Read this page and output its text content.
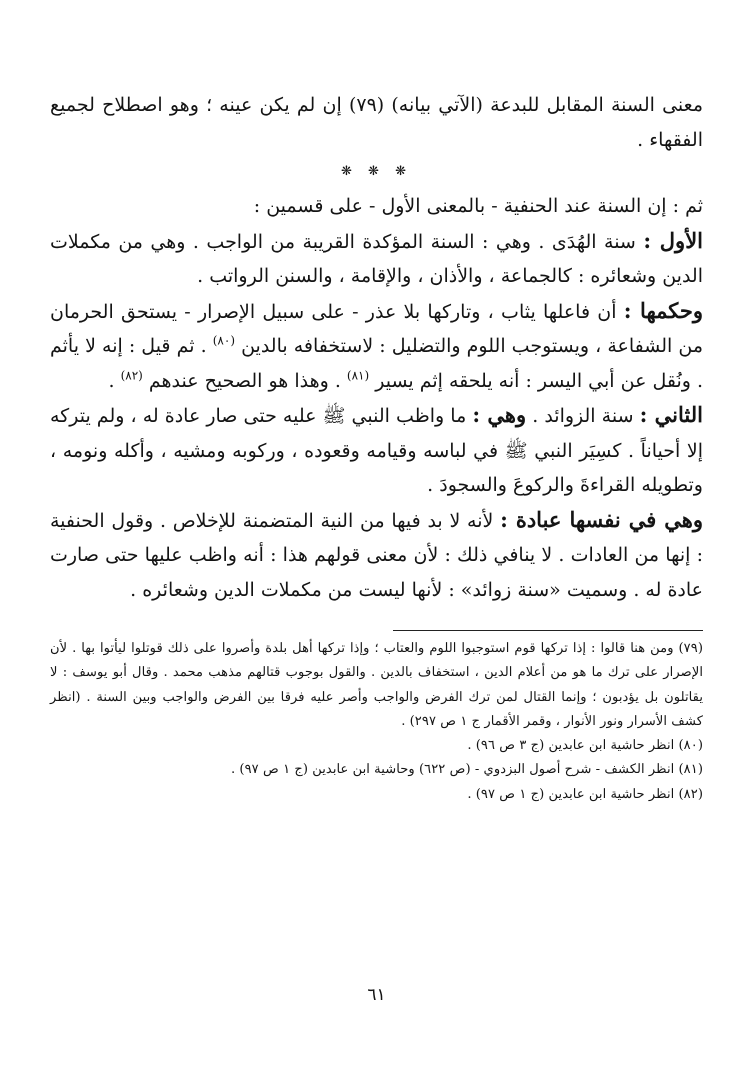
معنى السنة المقابل للبدعة (الآتي بيانه) (٧٩) إن لم يكن عينه ؛ وهو اصطلاح لجميع الفقهاء .

❋ ❋ ❋

ثم : إن السنة عند الحنفية - بالمعنى الأول - على قسمين :

الأول : سنة الهُدَى . وهي : السنة المؤكدة القريبة من الواجب . وهي من مكملات الدين وشعائره : كالجماعة ، والأذان ، والإقامة ، والسنن الرواتب .

وحكمها : أن فاعلها يثاب ، وتاركها بلا عذر - على سبيل الإصرار - يستحق الحرمان من الشفاعة ، ويستوجب اللوم والتضليل : لاستخفافه بالدين $^{(٨٠)}$ . ثم قيل : إنه لا يأثم . ونُقل عن أبي اليسر : أنه يلحقه إثم يسير $^{(٨١)}$ . وهذا هو الصحيح عندهم $^{(٨٢)}$ .

الثاني : سنة الزوائد . وهي : ما واظب النبي ﷺ عليه حتى صار عادة له ، ولم يتركه إلا أحياناً . كسِيَر النبي ﷺ في لباسه وقيامه وقعوده ، وركوبه ومشيه ، وأكله ونومه ، وتطويله القراءةَ والركوعَ والسجودَ .

وهي في نفسها عبادة : لأنه لا بد فيها من النية المتضمنة للإخلاص . وقول الحنفية : إنها من العادات . لا ينافي ذلك : لأن معنى قولهم هذا : أنه واظب عليها حتى صارت عادة له . وسميت «سنة زوائد» : لأنها ليست من مكملات الدين وشعائره .

(٧٩) ومن هنا قالوا : إذا تركها قوم استوجبوا اللوم والعتاب ؛ وإذا تركها أهل بلدة وأصروا على ذلك قوتلوا ليأتوا بها . لأن الإصرار على ترك ما هو من أعلام الدين ، استخفاف بالدين . والقول بوجوب قتالهم مذهب محمد . وقال أبو يوسف : لا يقاتلون بل يؤدبون ؛ وإنما القتال لمن ترك الفرض والواجب وأصر عليه فرقا بين الفرض والواجب وبين السنة . (انظر كشف الأسرار ونور الأنوار ، وقمر الأقمار ج ١ ص ٢٩٧) .

(٨٠) انظر حاشية ابن عابدين (ج ٣ ص ٩٦) .

(٨١) انظر الكشف - شرح أصول البزدوي - (ص ٦٢٢) وحاشية ابن عابدين (ج ١ ص ٩٧) .

(٨٢) انظر حاشية ابن عابدين (ج ١ ص ٩٧) .

٦١
